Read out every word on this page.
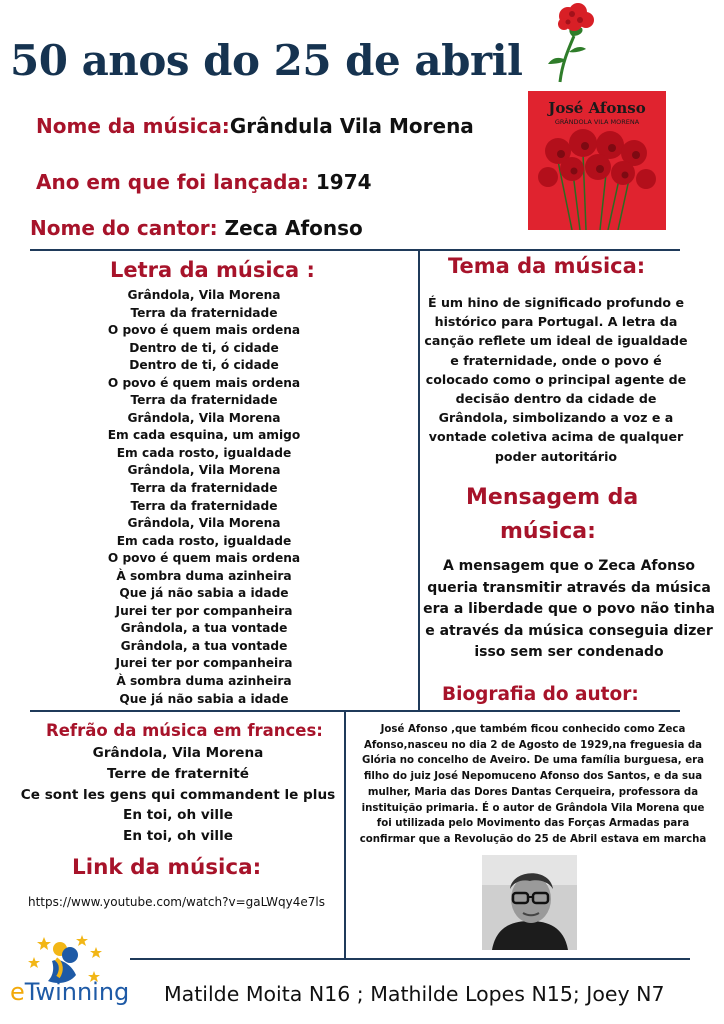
50 anos do 25 de abril
Nome da música:Grândula Vila Morena
Ano em que foi lançada: 1974
Nome do cantor: Zeca Afonso
José Afonso
GRÂNDOLA VILA MORENA
Letra da música :
Grândola, Vila Morena
Terra da fraternidade
O povo é quem mais ordena
Dentro de ti, ó cidade
Dentro de ti, ó cidade
O povo é quem mais ordena
Terra da fraternidade
Grândola, Vila Morena
Em cada esquina, um amigo
Em cada rosto, igualdade
Grândola, Vila Morena
Terra da fraternidade
Terra da fraternidade
Grândola, Vila Morena
Em cada rosto, igualdade
O povo é quem mais ordena
À sombra duma azinheira
Que já não sabia a idade
Jurei ter por companheira
Grândola, a tua vontade
Grândola, a tua vontade
Jurei ter por companheira
À sombra duma azinheira
Que já não sabia a idade
Tema da música:
É um hino de significado profundo e histórico para Portugal. A letra da canção reflete um ideal de igualdade e fraternidade, onde o povo é colocado como o principal agente de decisão dentro da cidade de Grândola, simbolizando a voz e a vontade coletiva acima de qualquer poder autoritário
Mensagem da
música:
A mensagem que o Zeca Afonso queria transmitir através da música era a liberdade que o povo não tinha e através da música conseguia dizer isso sem ser condenado
Biografia do autor:
José Afonso ,que também ficou conhecido como Zeca Afonso,nasceu no dia 2 de Agosto de 1929,na freguesia da Glória no concelho de Aveiro. De uma família burguesa, era filho do juiz José Nepomuceno Afonso dos Santos, e da sua mulher, Maria das Dores Dantas Cerqueira, professora da instituição primaria. É o autor de Grândola Vila Morena que foi utilizada pelo Movimento das Forças Armadas para confirmar que a Revolução do 25 de Abril estava em marcha
Refrão da música em frances:
Grândola, Vila Morena
Terre de fraternité
Ce sont les gens qui commandent le plus
En toi, oh ville
En toi, oh ville
Link da música:
https://www.youtube.com/watch?v=gaLWqy4e7ls
eTwinning Matilde Moita N16 ; Mathilde Lopes N15; Joey N7
